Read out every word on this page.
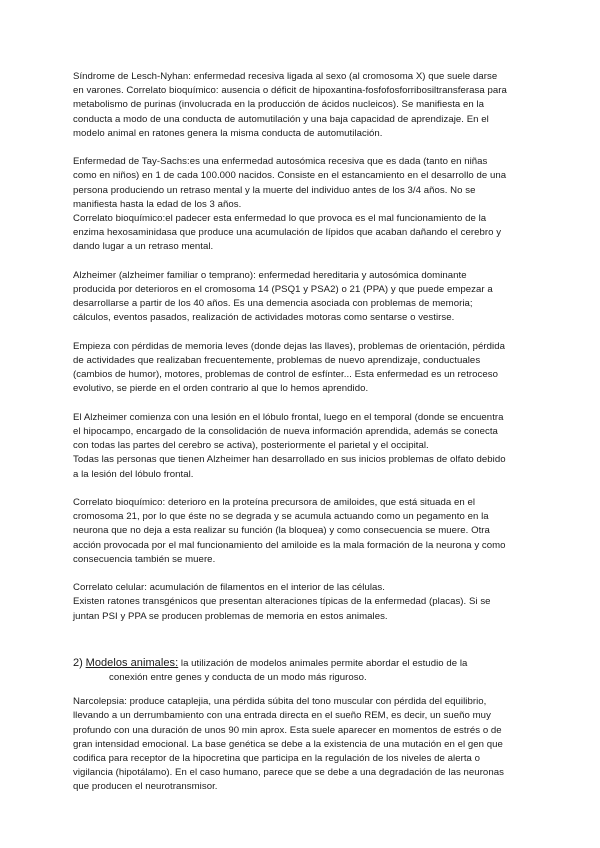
Síndrome de Lesch-Nyhan: enfermedad recesiva ligada al sexo (al cromosoma X) que suele darse
en varones. Correlato bioquímico: ausencia o déficit de hipoxantina-fosfofosforribosiltransferasa para
metabolismo de purinas (involucrada en la producción de ácidos nucleicos). Se manifiesta en la
conducta a modo de una conducta de automutilación y una baja capacidad de aprendizaje. En el
modelo animal en ratones genera la misma conducta de automutilación.
Enfermedad de Tay-Sachs:es una enfermedad autosómica recesiva que es dada (tanto en niñas
como en niños) en 1 de cada 100.000 nacidos. Consiste en el estancamiento en el desarrollo de una
persona produciendo un retraso mental y la muerte del individuo antes de los 3/4 años. No se
manifiesta hasta la edad de los 3 años.
Correlato bioquímico:el padecer esta enfermedad lo que provoca es el mal funcionamiento de la
enzima hexosaminidasa que produce una acumulación de lípidos que acaban dañando el cerebro y
dando lugar a un retraso mental.
Alzheimer (alzheimer familiar o temprano): enfermedad hereditaria y autosómica dominante
producida por deterioros en el cromosoma 14 (PSQ1 y PSA2) o 21 (PPA) y que puede empezar a
desarrollarse a partir de los 40 años. Es una demencia asociada con problemas de memoria;
cálculos, eventos pasados, realización de actividades motoras como sentarse o vestirse.
Empieza con pérdidas de memoria leves (donde dejas las llaves), problemas de orientación, pérdida
de actividades que realizaban frecuentemente, problemas de nuevo aprendizaje, conductuales
(cambios de humor), motores, problemas de control de esfínter... Esta enfermedad es un retroceso
evolutivo, se pierde en el orden contrario al que lo hemos aprendido.
El Alzheimer comienza con una lesión en el lóbulo frontal, luego en el temporal (donde se encuentra
el hipocampo, encargado de la consolidación de nueva información aprendida, además se conecta
con todas las partes del cerebro se activa), posteriormente el parietal y el occipital.
Todas las personas que tienen Alzheimer han desarrollado en sus inicios problemas de olfato debido
a la lesión del lóbulo frontal.
Correlato bioquímico: deterioro en la proteína precursora de amiloides, que está situada en el
cromosoma 21, por lo que éste no se degrada y se acumula actuando como un pegamento en la
neurona que no deja a esta realizar su función (la bloquea) y como consecuencia se muere. Otra
acción provocada por el mal funcionamiento del amiloide es la mala formación de la neurona y como
consecuencia también se muere.
Correlato celular: acumulación de filamentos en el interior de las células.
Existen ratones transgénicos que presentan alteraciones típicas de la enfermedad (placas). Si se
juntan PSI y PPA se producen problemas de memoria en estos animales.
2) Modelos animales: la utilización de modelos animales permite abordar el estudio de la
conexión entre genes y conducta de un modo más riguroso.
Narcolepsia: produce cataplejia, una pérdida súbita del tono muscular con pérdida del equilibrio,
llevando a un derrumbamiento con una entrada directa en el sueño REM, es decir, un sueño muy
profundo con una duración de unos 90 min aprox. Esta suele aparecer en momentos de estrés o de
gran intensidad emocional. La base genética se debe a la existencia de una mutación en el gen que
codifica para receptor de la hipocretina que participa en la regulación de los niveles de alerta o
vigilancia (hipotálamo). En el caso humano, parece que se debe a una degradación de las neuronas
que producen el neurotransmisor.
